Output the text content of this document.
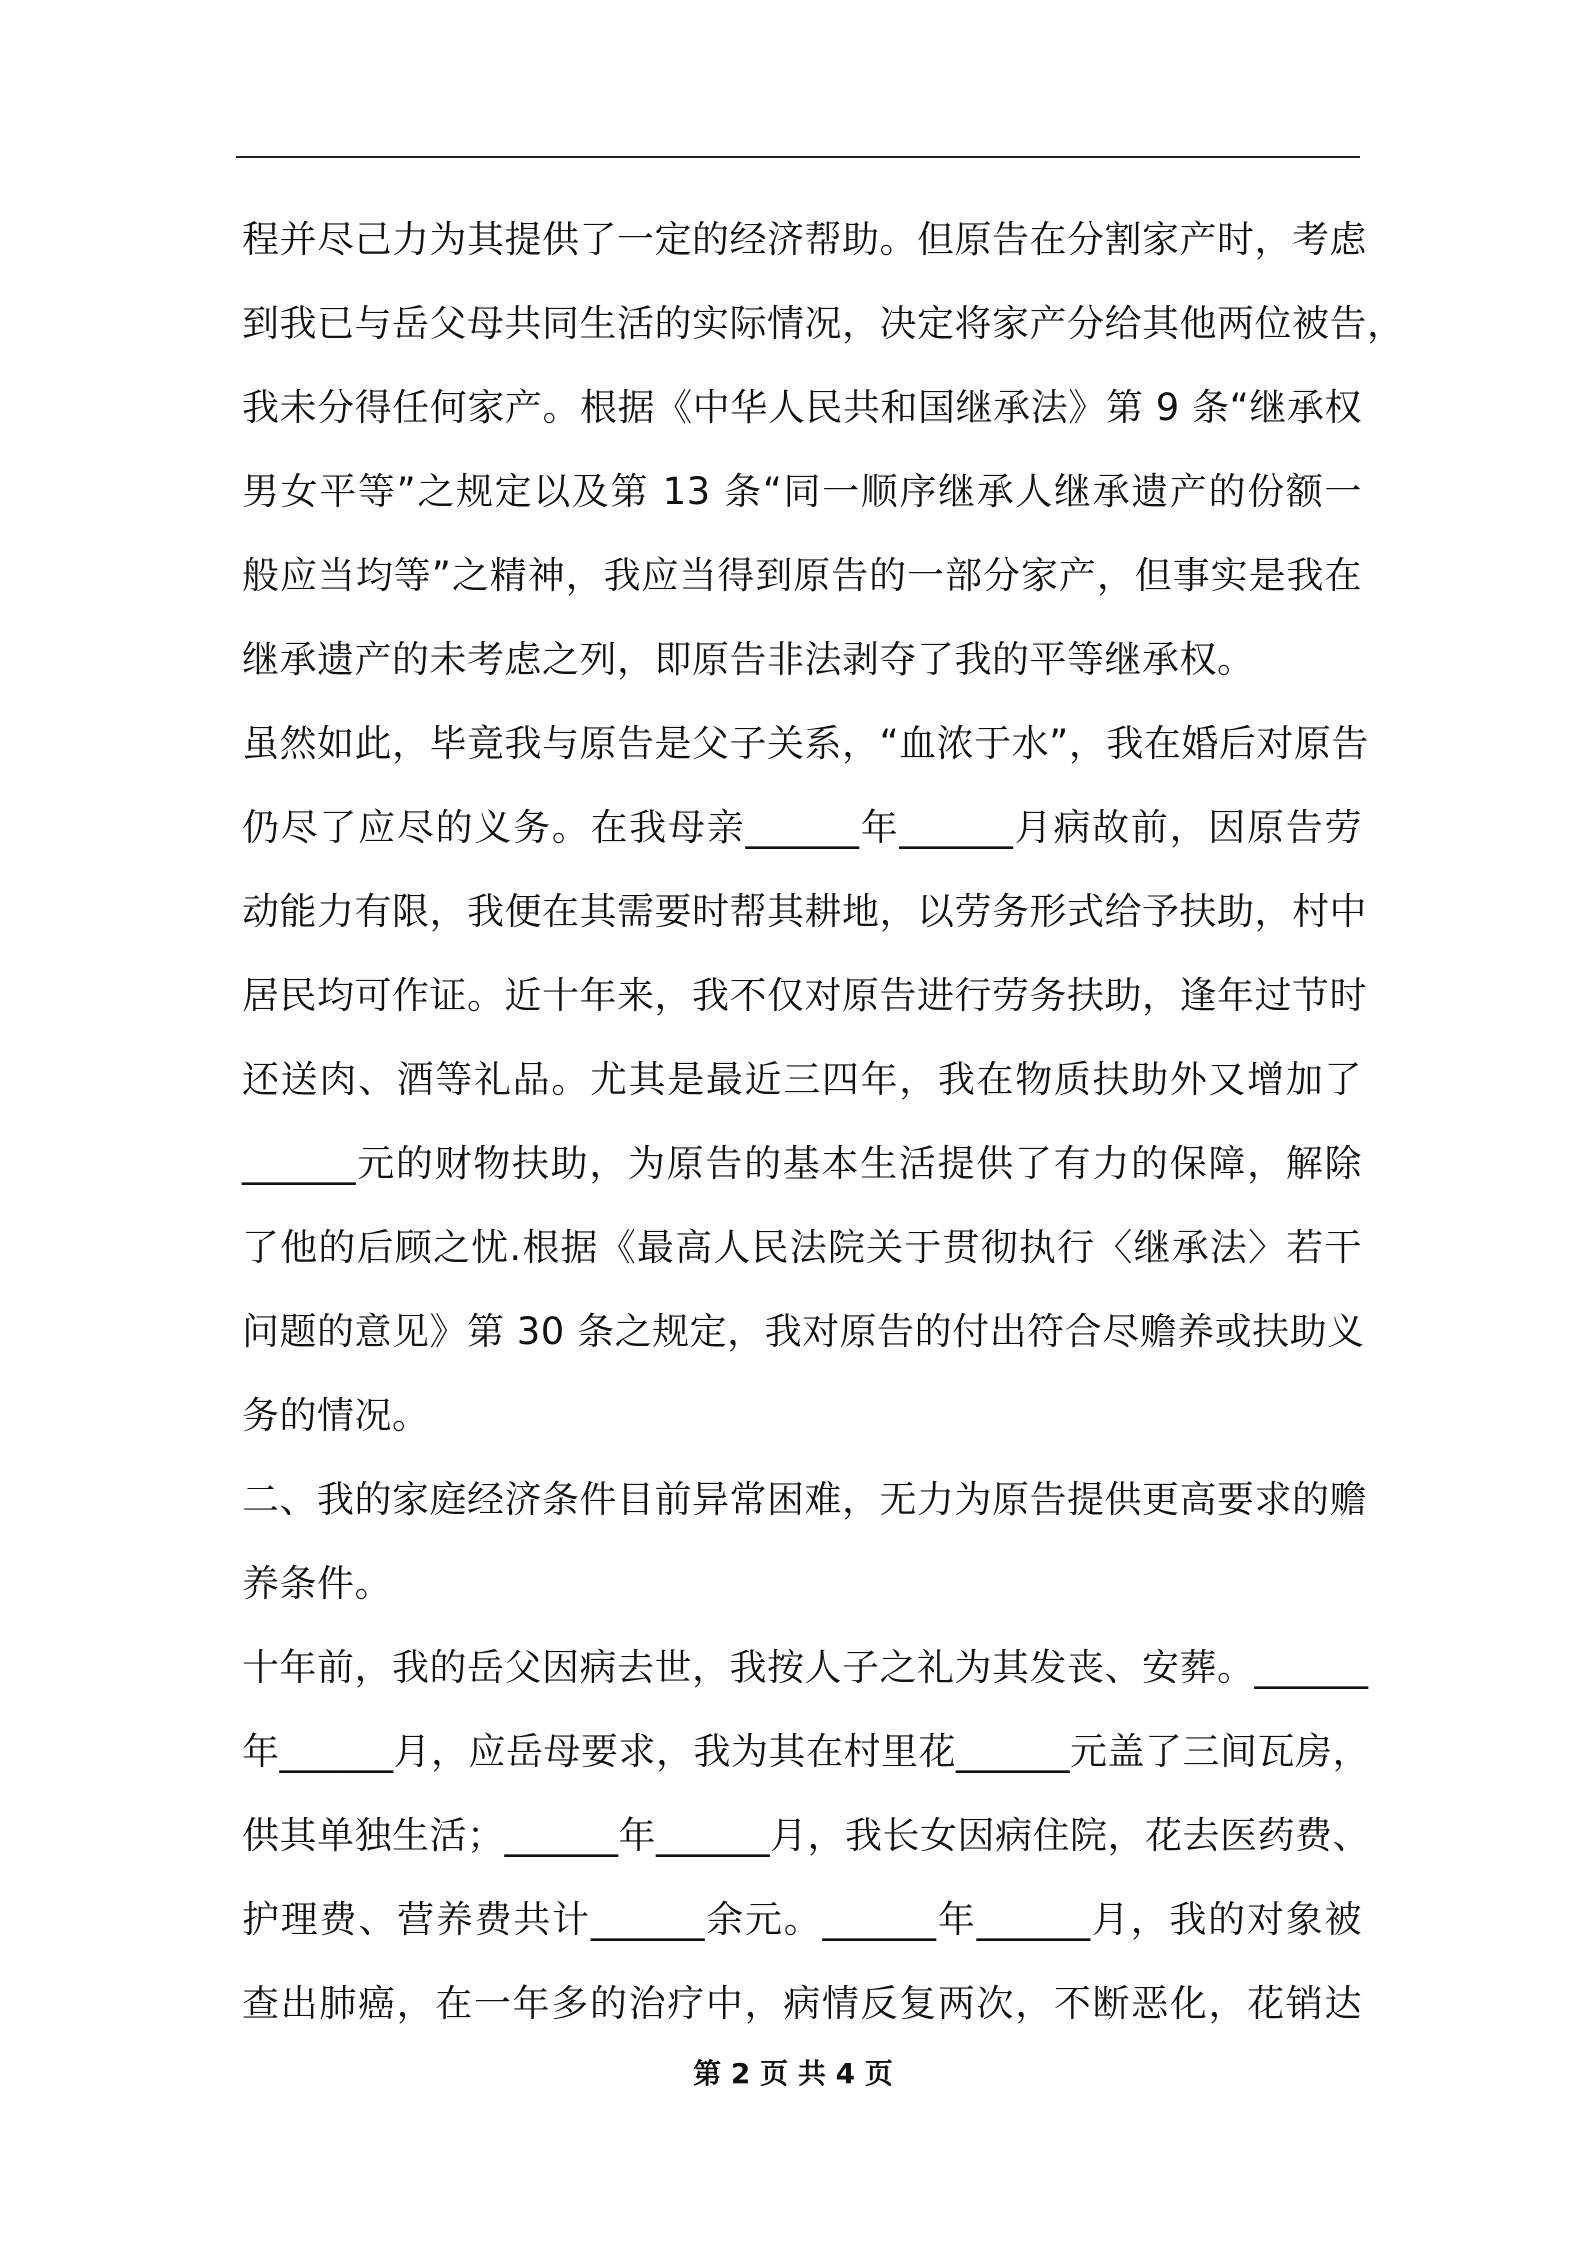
程并尽己力为其提供了一定的经济帮助。但原告在分割家产时，考虑
到我已与岳父母共同生活的实际情况，决定将家产分给其他两位被告，
我未分得任何家产。根据《中华人民共和国继承法》第 9 条“继承权
男女平等”之规定以及第 13 条“同一顺序继承人继承遗产的份额一
般应当均等”之精神，我应当得到原告的一部分家产，但事实是我在
继承遗产的未考虑之列，即原告非法剥夺了我的平等继承权。
虽然如此，毕竟我与原告是父子关系，“血浓于水”，我在婚后对原告
仍尽了应尽的义务。在我母亲______年______月病故前，因原告劳
动能力有限，我便在其需要时帮其耕地，以劳务形式给予扶助，村中
居民均可作证。近十年来，我不仅对原告进行劳务扶助，逢年过节时
还送肉、酒等礼品。尤其是最近三四年，我在物质扶助外又增加了
______元的财物扶助，为原告的基本生活提供了有力的保障，解除
了他的后顾之忧.根据《最高人民法院关于贯彻执行〈继承法〉若干
问题的意见》第 30 条之规定，我对原告的付出符合尽赡养或扶助义
务的情况。
二、我的家庭经济条件目前异常困难，无力为原告提供更高要求的赡
养条件。
十年前，我的岳父因病去世，我按人子之礼为其发丧、安葬。______
年______月，应岳母要求，我为其在村里花______元盖了三间瓦房，
供其单独生活；______年______月，我长女因病住院，花去医药费、
护理费、营养费共计______余元。______年______月，我的对象被
查出肺癌，在一年多的治疗中，病情反复两次，不断恶化，花销达
第 2 页 共 4 页
